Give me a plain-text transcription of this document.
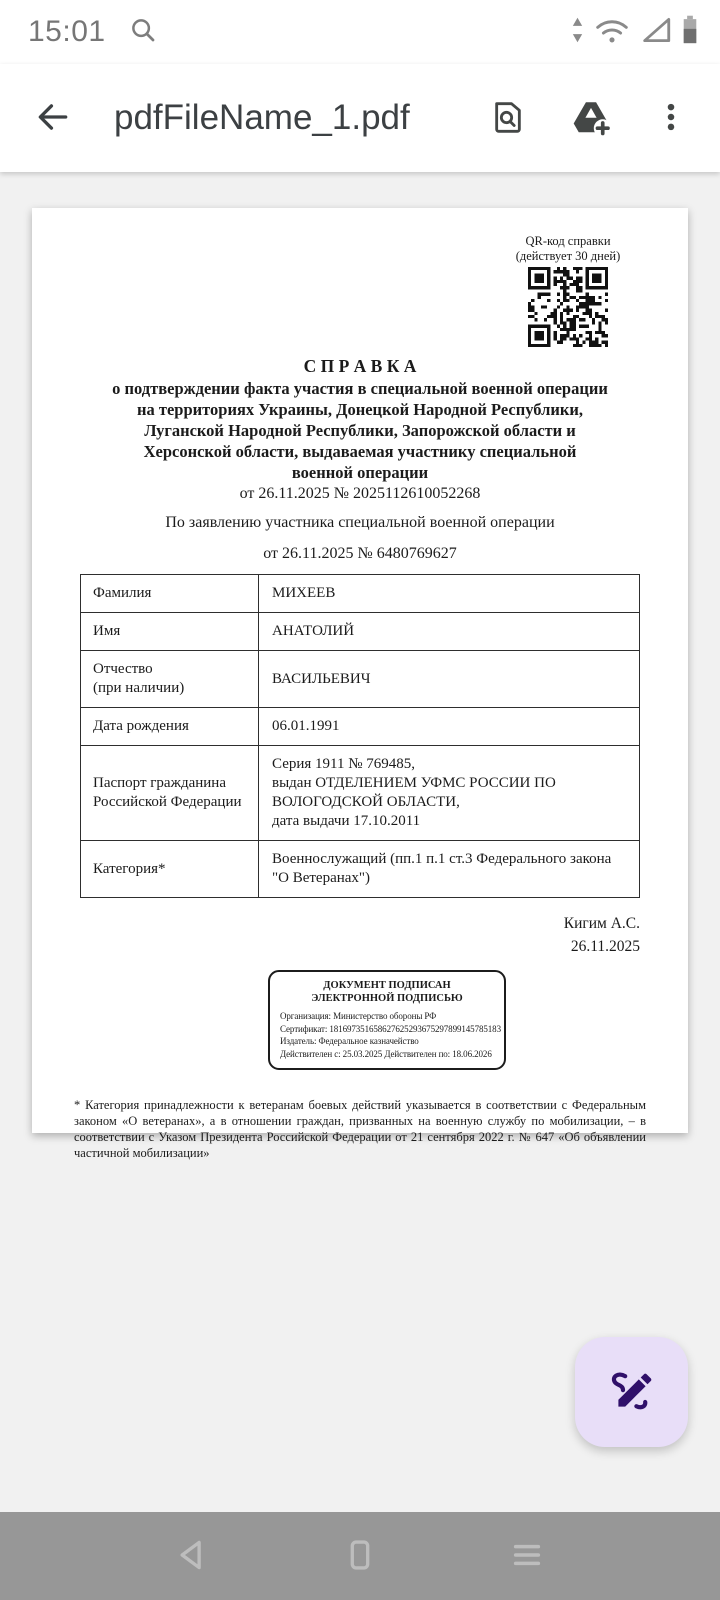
15:01
pdfFileName_1.pdf
QR-код справки
(действует 30 дней)
С П Р А В К А
о подтверждении факта участия в специальной военной операции
на территориях Украины, Донецкой Народной Республики,
Луганской Народной Республики, Запорожской области и
Херсонской области, выдаваемая участнику специальной
военной операции
от 26.11.2025 № 2025112610052268
По заявлению участника специальной военной операции
от 26.11.2025 № 6480769627
Фамилия	МИХЕЕВ
Имя	АНАТОЛИЙ
Отчество
(при наличии)	ВАСИЛЬЕВИЧ
Дата рождения	06.01.1991
Паспорт гражданина
Российской Федерации	Серия 1911 № 769485,
выдан ОТДЕЛЕНИЕМ УФМС РОССИИ ПО ВОЛОГОДСКОЙ ОБЛАСТИ,
дата выдачи 17.10.2011
Категория*	Военнослужащий (пп.1 п.1 ст.3 Федерального закона "О Ветеранах")
Кигим А.С.
26.11.2025
ДОКУМЕНТ ПОДПИСАН
ЭЛЕКТРОННОЙ ПОДПИСЬЮ
Организация: Министерство обороны РФ
Сертификат: 181697351658627625293675297899145785183
Издатель: Федеральное казначейство
Действителен с: 25.03.2025 Действителен по: 18.06.2026
* Категория принадлежности к ветеранам боевых действий указывается в соответствии с Федеральным законом «О ветеранах», а в отношении граждан, призванных на военную службу по мобилизации, – в соответствии с Указом Президента Российской Федерации от 21 сентября 2022 г. № 647 «Об объявлении частичной мобилизации»
